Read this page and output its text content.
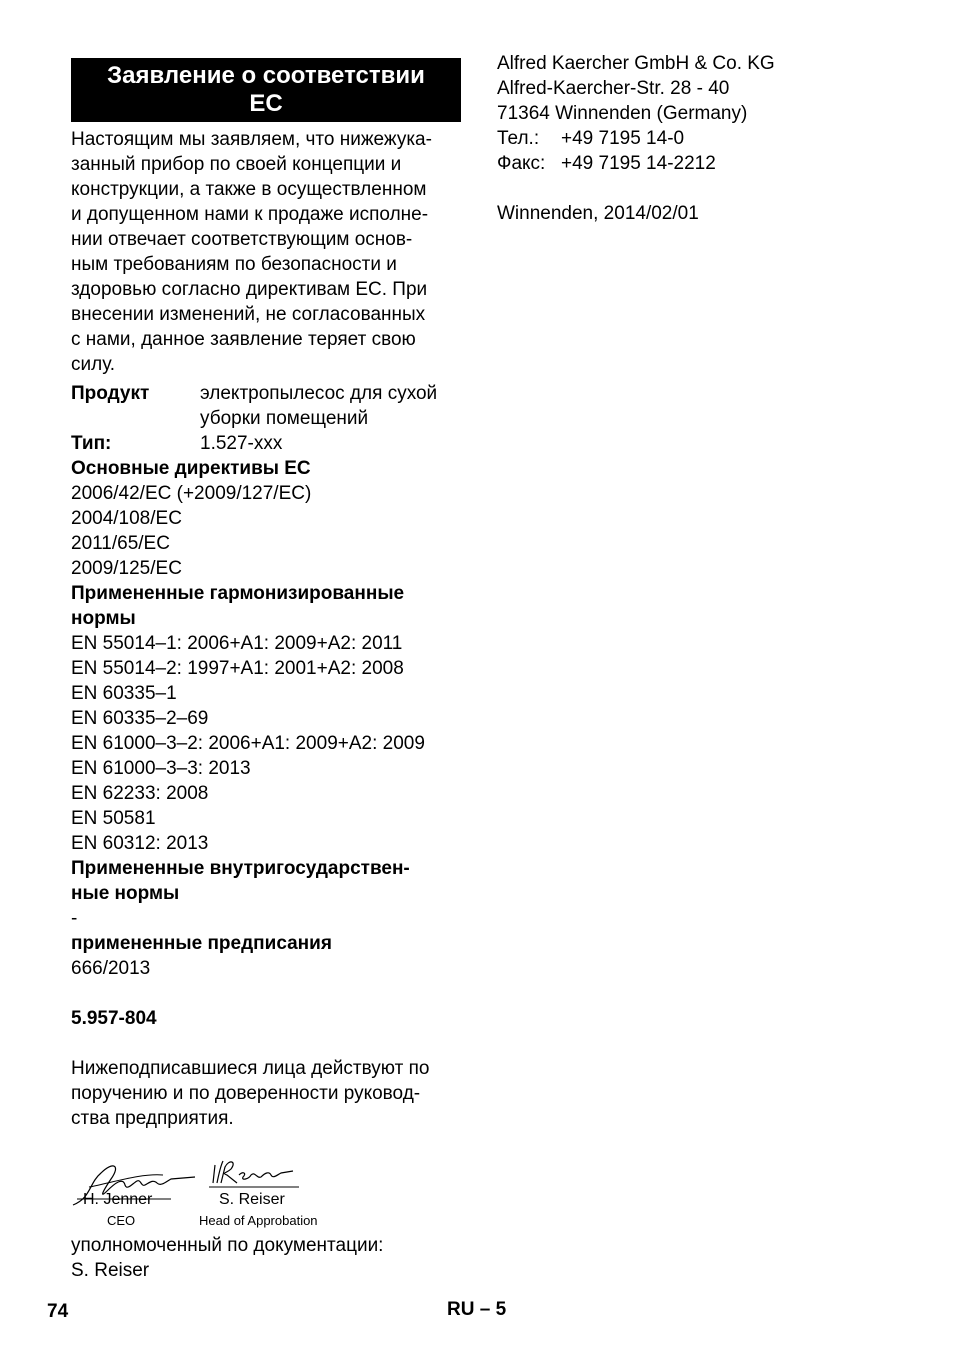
Заявление о соответствии
ЕС

Настоящим мы заявляем, что нижежука-

занный прибор по своей концепции и

конструкции, а также в осуществленном

и допущенном нами к продаже исполне-

нии отвечает соответствующим основ-

ным требованиям по безопасности и

здоровью согласно директивам ЕС. При

внесении изменений, не согласованных

с нами, данное заявление теряет свою

силу.

Продукт	электропылесос для сухой
уборки помещений
Тип:	1.527-xxx
Основные директивы ЕС
2006/42/EC (+2009/127/EC)
2004/108/EC
2011/65/EC
2009/125/EC
Примененные гармонизированные
нормы
EN 55014–1: 2006+A1: 2009+A2: 2011
EN 55014–2: 1997+A1: 2001+A2: 2008
EN 60335–1
EN 60335–2–69
EN 61000–3–2: 2006+A1: 2009+A2: 2009
EN 61000–3–3: 2013
EN 62233: 2008
EN 50581
EN 60312: 2013
Примененные внутригосударствен-
ные нормы
-
примененные предписания
666/2013
5.957-804

Нижеподписавшиеся лица действуют по

поручению и по доверенности руковод-

ства предприятия.

H. Jenner
CEO
S. Reiser
Head of Approbation
уполномоченный по документации:
S. Reiser
Alfred Kaercher GmbH & Co. KG
Alfred-Kaercher-Str. 28 - 40
71364 Winnenden (Germany)
Тел.:	+49 7195 14-0
Факс: +49 7195 14-2212
Winnenden, 2014/02/01
74	RU – 5
